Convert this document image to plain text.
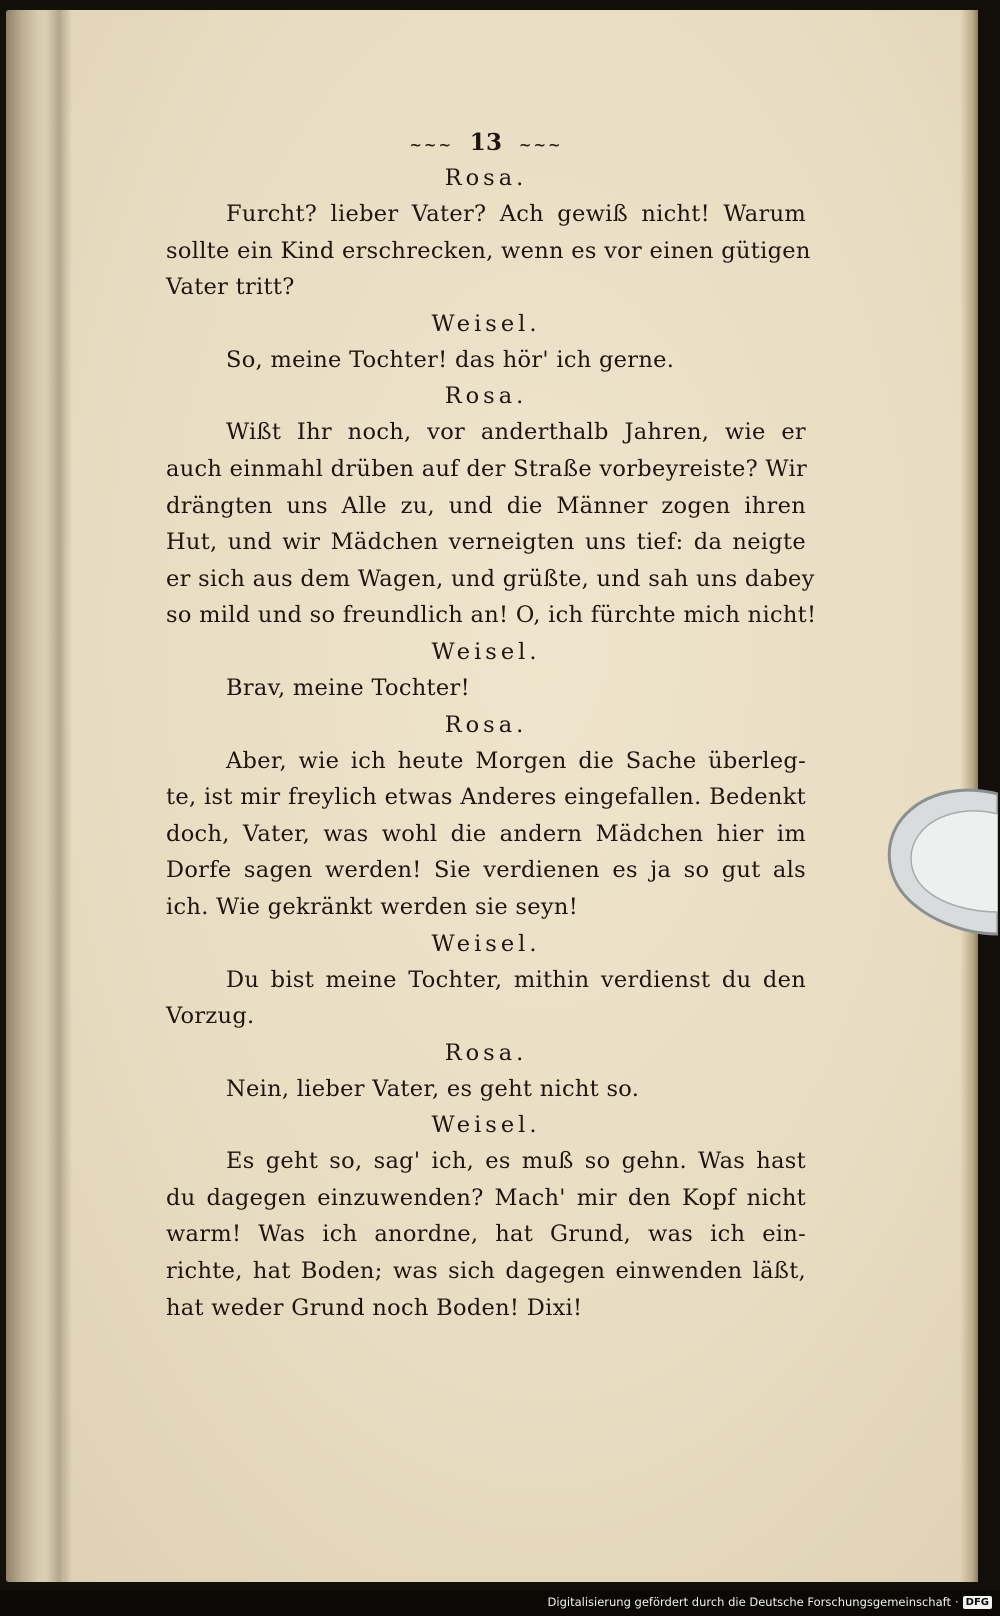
~~~ 13 ~~~
Rosa.
Furcht? lieber Vater? Ach gewiß nicht! Warum
sollte ein Kind erschrecken, wenn es vor einen gütigen
Vater tritt?
Weisel.
So, meine Tochter! das hör' ich gerne.
Rosa.
Wißt Ihr noch, vor anderthalb Jahren, wie er
auch einmahl drüben auf der Straße vorbeyreiste? Wir
drängten uns Alle zu, und die Männer zogen ihren
Hut, und wir Mädchen verneigten uns tief: da neigte
er sich aus dem Wagen, und grüßte, und sah uns dabey
so mild und so freundlich an! O, ich fürchte mich nicht!
Weisel.
Brav, meine Tochter!
Rosa.
Aber, wie ich heute Morgen die Sache überleg-
te, ist mir freylich etwas Anderes eingefallen. Bedenkt
doch, Vater, was wohl die andern Mädchen hier im
Dorfe sagen werden! Sie verdienen es ja so gut als
ich. Wie gekränkt werden sie seyn!
Weisel.
Du bist meine Tochter, mithin verdienst du den
Vorzug.
Rosa.
Nein, lieber Vater, es geht nicht so.
Weisel.
Es geht so, sag' ich, es muß so gehn. Was hast
du dagegen einzuwenden? Mach' mir den Kopf nicht
warm! Was ich anordne, hat Grund, was ich ein-
richte, hat Boden; was sich dagegen einwenden läßt,
hat weder Grund noch Boden! Dixi!
Digitalisierung gefördert durch die Deutsche Forschungsgemeinschaft · DFG
